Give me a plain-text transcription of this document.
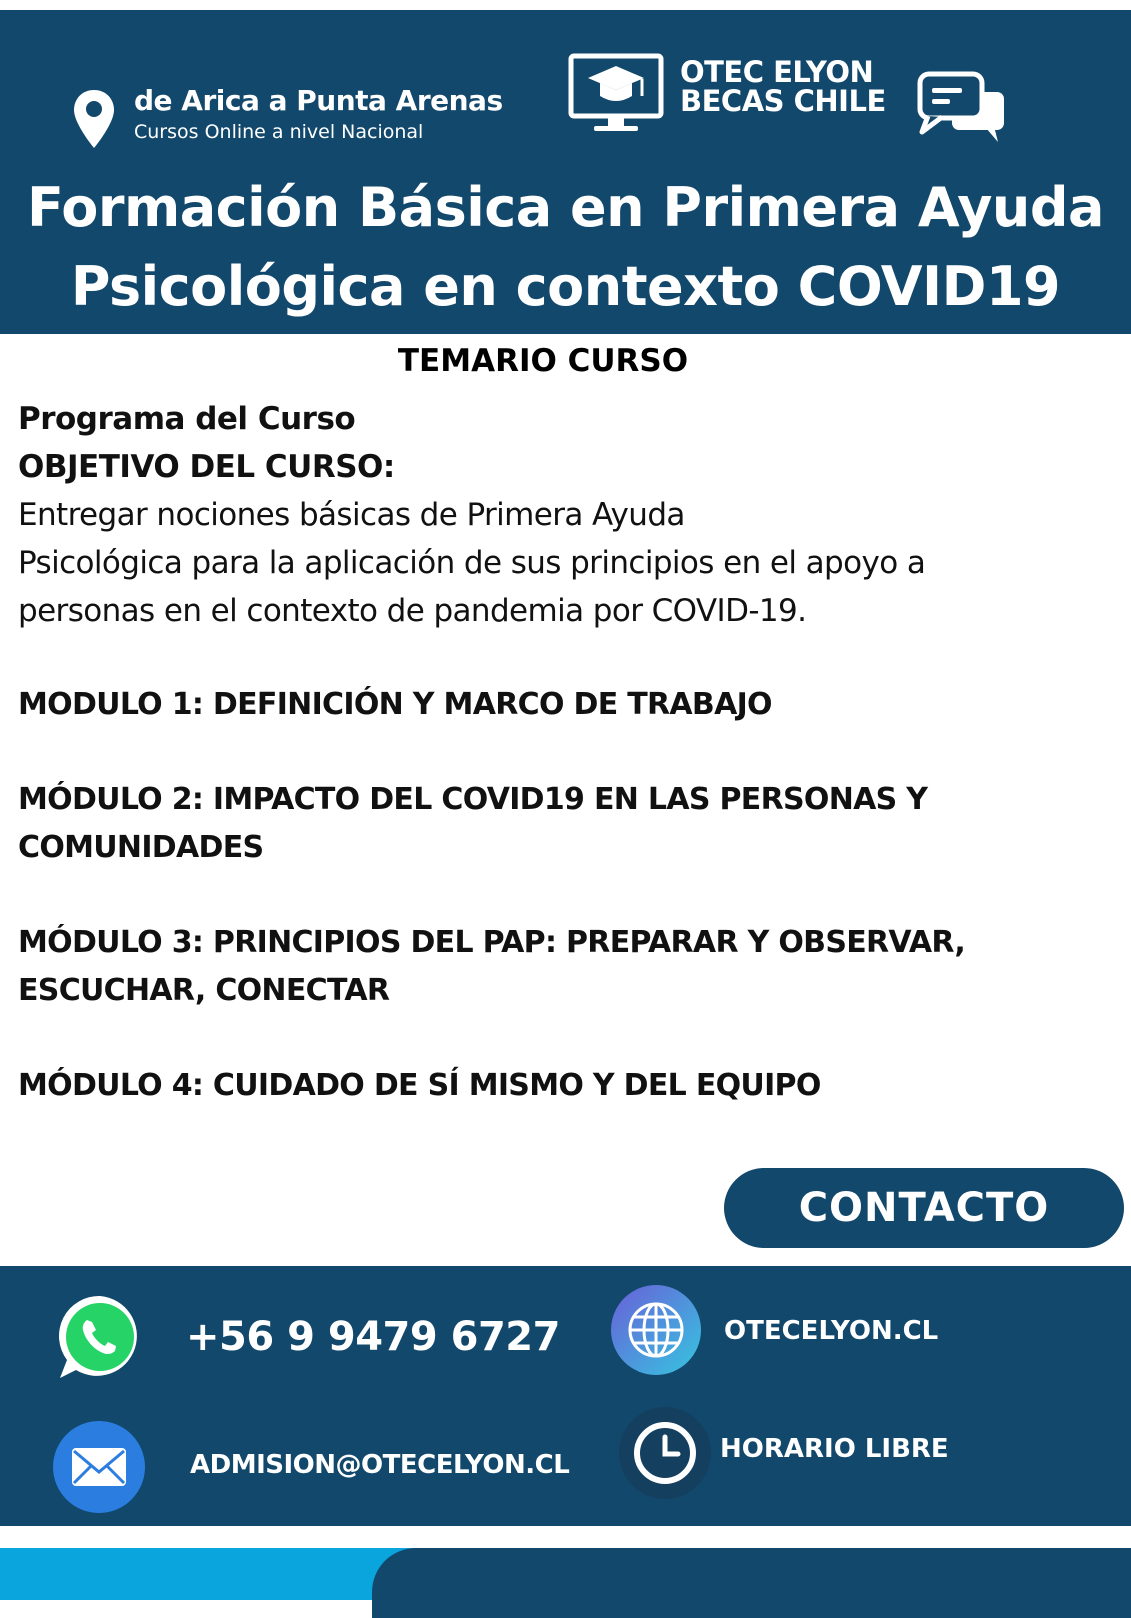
de Arica a Punta Arenas
Cursos Online a nivel Nacional
OTEC ELYON
BECAS CHILE
Formación Básica en Primera Ayuda
Psicológica en contexto COVID19
TEMARIO CURSO
Programa del Curso
OBJETIVO DEL CURSO:
Entregar nociones básicas de Primera Ayuda
Psicológica para la aplicación de sus principios en el apoyo a
personas en el contexto de pandemia por COVID-19.
MODULO 1: DEFINICIÓN Y MARCO DE TRABAJO
MÓDULO 2: IMPACTO DEL COVID19 EN LAS PERSONAS Y
COMUNIDADES
MÓDULO 3: PRINCIPIOS DEL PAP: PREPARAR Y OBSERVAR,
ESCUCHAR, CONECTAR
MÓDULO 4: CUIDADO DE SÍ MISMO Y DEL EQUIPO
CONTACTO
+56 9 9479 6727	OTECELYON.CL
ADMISION@OTECELYON.CL
HORARIO LIBRE
